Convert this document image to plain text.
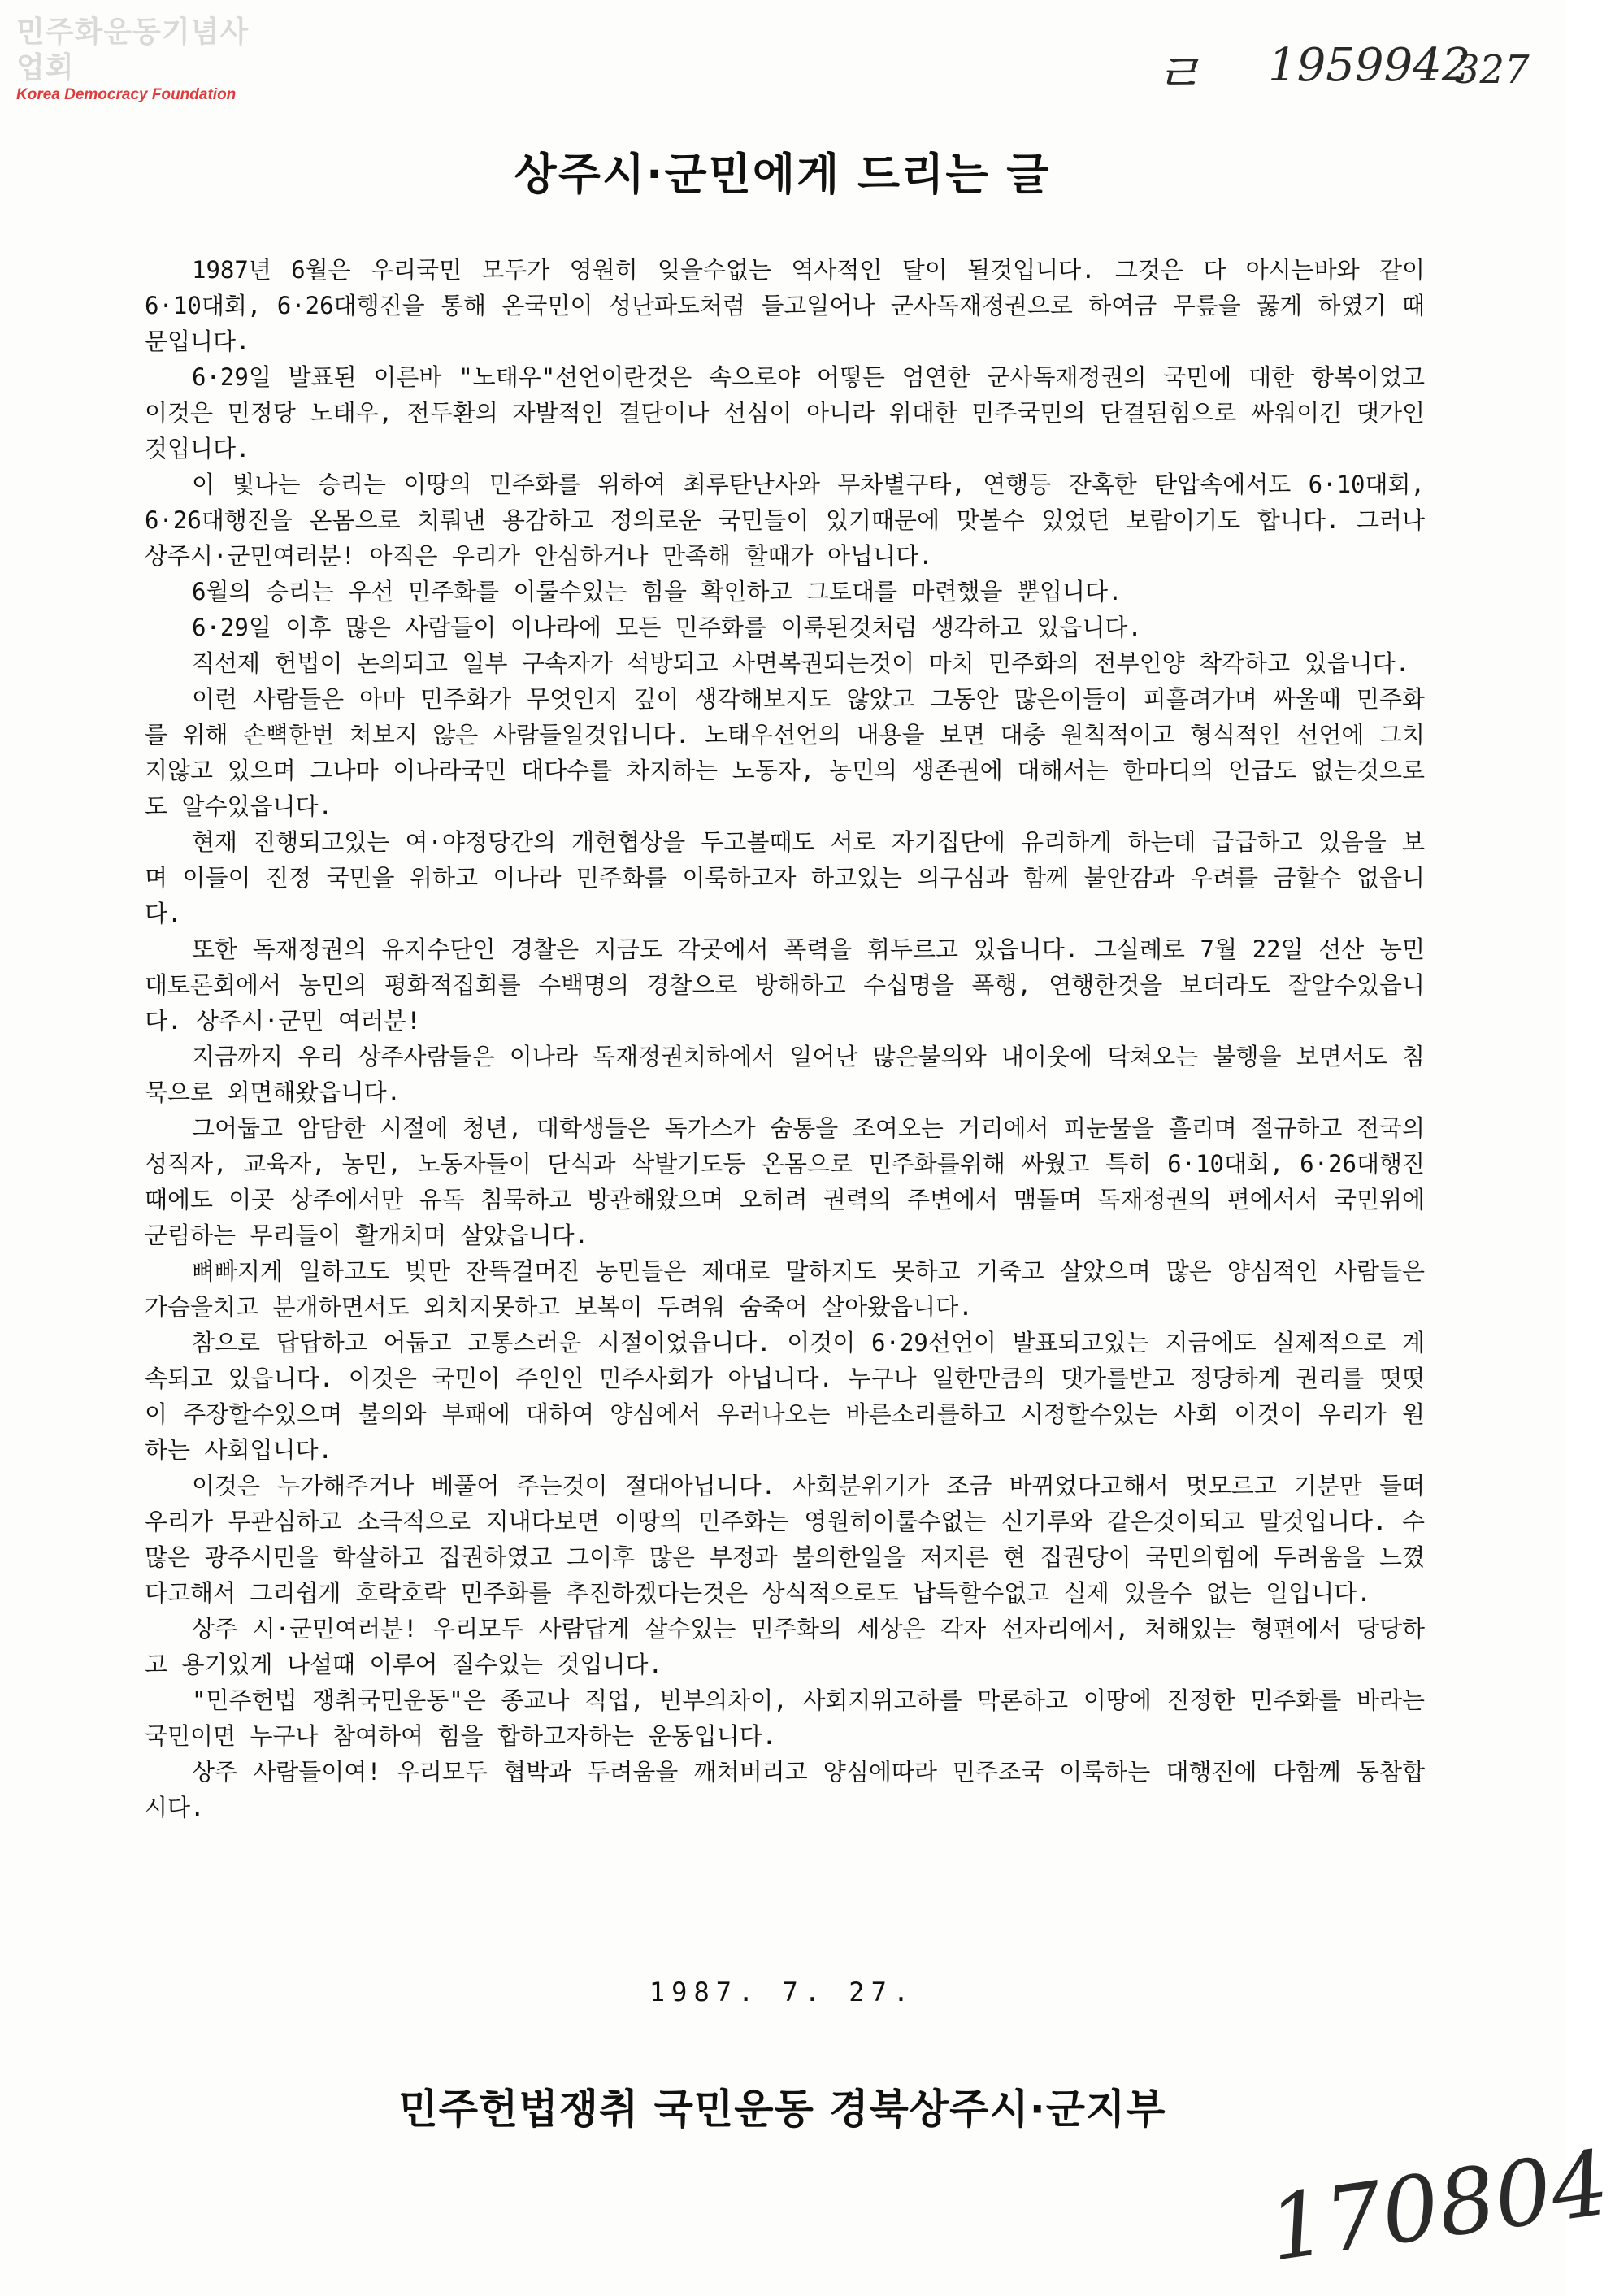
민주화운동기념사업회
Korea Democracy Foundation	ㄹ 1959942
327
상주시·군민에게 드리는 글

1987년 6월은 우리국민 모두가 영원히 잊을수없는 역사적인 달이 될것입니다. 그것은 다 아시는바와 같이 6·10대회, 6·26대행진을 통해 온국민이 성난파도처럼 들고일어나 군사독재정권으로 하여금 무릎을 꿇게 하였기 때문입니다.

6·29일 발표된 이른바 "노태우"선언이란것은 속으로야 어떻든 엄연한 군사독재정권의 국민에 대한 항복이었고 이것은 민정당 노태우, 전두환의 자발적인 결단이나 선심이 아니라 위대한 민주국민의 단결된힘으로 싸워이긴 댓가인것입니다.

이 빛나는 승리는 이땅의 민주화를 위하여 최루탄난사와 무차별구타, 연행등 잔혹한 탄압속에서도 6·10대회, 6·26대행진을 온몸으로 치뤄낸 용감하고 정의로운 국민들이 있기때문에 맛볼수 있었던 보람이기도 합니다. 그러나 상주시·군민여러분! 아직은 우리가 안심하거나 만족해 할때가 아닙니다.

6월의 승리는 우선 민주화를 이룰수있는 힘을 확인하고 그토대를 마련했을 뿐입니다.

6·29일 이후 많은 사람들이 이나라에 모든 민주화를 이룩된것처럼 생각하고 있읍니다.

직선제 헌법이 논의되고 일부 구속자가 석방되고 사면복권되는것이 마치 민주화의 전부인양 착각하고 있읍니다.

이런 사람들은 아마 민주화가 무엇인지 깊이 생각해보지도 않았고 그동안 많은이들이 피흘려가며 싸울때 민주화를 위해 손뼉한번 쳐보지 않은 사람들일것입니다. 노태우선언의 내용을 보면 대충 원칙적이고 형식적인 선언에 그치지않고 있으며 그나마 이나라국민 대다수를 차지하는 노동자, 농민의 생존권에 대해서는 한마디의 언급도 없는것으로도 알수있읍니다.

현재 진행되고있는 여·야정당간의 개헌협상을 두고볼때도 서로 자기집단에 유리하게 하는데 급급하고 있음을 보며 이들이 진정 국민을 위하고 이나라 민주화를 이룩하고자 하고있는 의구심과 함께 불안감과 우려를 금할수 없읍니다.

또한 독재정권의 유지수단인 경찰은 지금도 각곳에서 폭력을 휘두르고 있읍니다. 그실례로 7월 22일 선산 농민 대토론회에서 농민의 평화적집회를 수백명의 경찰으로 방해하고 수십명을 폭행, 연행한것을 보더라도 잘알수있읍니다. 상주시·군민 여러분!

지금까지 우리 상주사람들은 이나라 독재정권치하에서 일어난 많은불의와 내이웃에 닥쳐오는 불행을 보면서도 침묵으로 외면해왔읍니다.

그어둡고 암담한 시절에 청년, 대학생들은 독가스가 숨통을 조여오는 거리에서 피눈물을 흘리며 절규하고 전국의 성직자, 교육자, 농민, 노동자들이 단식과 삭발기도등 온몸으로 민주화를위해 싸웠고 특히 6·10대회, 6·26대행진 때에도 이곳 상주에서만 유독 침묵하고 방관해왔으며 오히려 권력의 주변에서 맴돌며 독재정권의 편에서서 국민위에 군림하는 무리들이 활개치며 살았읍니다.

뼈빠지게 일하고도 빚만 잔뜩걸머진 농민들은 제대로 말하지도 못하고 기죽고 살았으며 많은 양심적인 사람들은 가슴을치고 분개하면서도 외치지못하고 보복이 두려워 숨죽어 살아왔읍니다.

참으로 답답하고 어둡고 고통스러운 시절이었읍니다. 이것이 6·29선언이 발표되고있는 지금에도 실제적으로 계속되고 있읍니다. 이것은 국민이 주인인 민주사회가 아닙니다. 누구나 일한만큼의 댓가를받고 정당하게 권리를 떳떳이 주장할수있으며 불의와 부패에 대하여 양심에서 우러나오는 바른소리를하고 시정할수있는 사회 이것이 우리가 원하는 사회입니다.

이것은 누가해주거나 베풀어 주는것이 절대아닙니다. 사회분위기가 조금 바뀌었다고해서 멋모르고 기분만 들떠 우리가 무관심하고 소극적으로 지내다보면 이땅의 민주화는 영원히이룰수없는 신기루와 같은것이되고 말것입니다. 수많은 광주시민을 학살하고 집권하였고 그이후 많은 부정과 불의한일을 저지른 현 집권당이 국민의힘에 두려움을 느꼈다고해서 그리쉽게 호락호락 민주화를 추진하겠다는것은 상식적으로도 납득할수없고 실제 있을수 없는 일입니다.

상주 시·군민여러분! 우리모두 사람답게 살수있는 민주화의 세상은 각자 선자리에서, 처해있는 형편에서 당당하고 용기있게 나설때 이루어 질수있는 것입니다.

"민주헌법 쟁취국민운동"은 종교나 직업, 빈부의차이, 사회지위고하를 막론하고 이땅에 진정한 민주화를 바라는 국민이면 누구나 참여하여 힘을 합하고자하는 운동입니다.

상주 사람들이여! 우리모두 협박과 두려움을 깨쳐버리고 양심에따라 민주조국 이룩하는 대행진에 다함께 동참합시다.

1987. 7. 27.
민주헌법쟁취 국민운동 경북상주시·군지부
170804
